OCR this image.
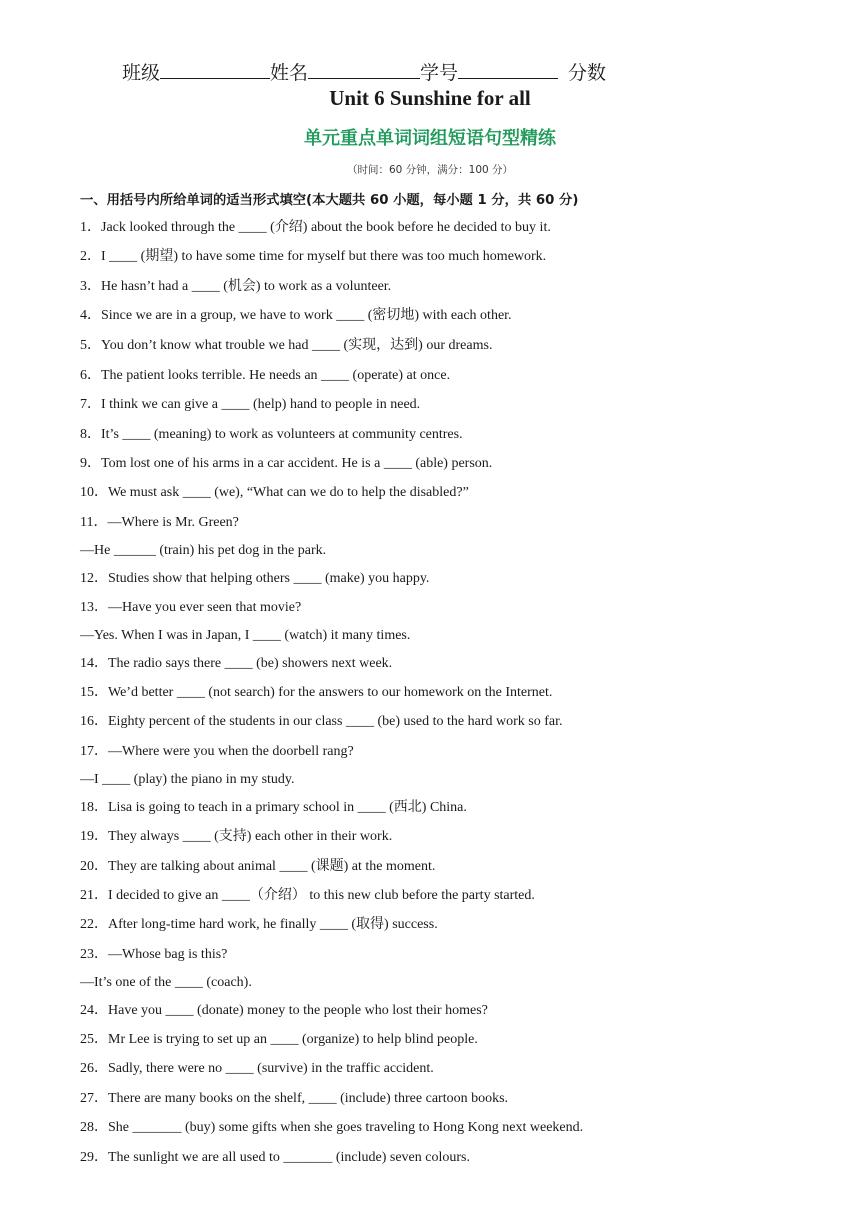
班级	姓名	学号	分数
Unit 6 Sunshine for all
单元重点单词词组短语句型精练
（时间：60 分钟，满分：100 分）
一、用括号内所给单词的适当形式填空(本大题共 60 小题，每小题 1 分，共 60 分)
1．Jack looked through the ____ (介绍) about the book before he decided to buy it.
2．I ____ (期望) to have some time for myself but there was too much homework.
3．He hasn’t had a ____ (机会) to work as a volunteer.
4．Since we are in a group, we have to work ____ (密切地) with each other.
5．You don’t know what trouble we had ____ (实现，达到) our dreams.
6．The patient looks terrible. He needs an ____ (operate) at once.
7．I think we can give a ____ (help) hand to people in need.
8．It’s ____ (meaning) to work as volunteers at community centres.
9．Tom lost one of his arms in a car accident. He is a ____ (able) person.
10．We must ask ____ (we), “What can we do to help the disabled?”
11．—Where is Mr. Green?
—He ______ (train) his pet dog in the park.
12．Studies show that helping others ____ (make) you happy.
13．—Have you ever seen that movie?
—Yes. When I was in Japan, I ____ (watch) it many times.
14．The radio says there ____ (be) showers next week.
15．We’d better ____ (not search) for the answers to our homework on the Internet.
16．Eighty percent of the students in our class ____ (be) used to the hard work so far.
17．—Where were you when the doorbell rang?
—I ____ (play) the piano in my study.
18．Lisa is going to teach in a primary school in ____ (西北) China.
19．They always ____ (支持) each other in their work.
20．They are talking about animal ____ (课题) at the moment.
21．I decided to give an ____（介绍） to this new club before the party started.
22．After long-time hard work, he finally ____ (取得) success.
23．—Whose bag is this?
—It’s one of the ____ (coach).
24．Have you ____ (donate) money to the people who lost their homes?
25．Mr Lee is trying to set up an ____ (organize) to help blind people.
26．Sadly, there were no ____ (survive) in the traffic accident.
27．There are many books on the shelf, ____ (include) three cartoon books.
28．She _______ (buy) some gifts when she goes traveling to Hong Kong next weekend.
29．The sunlight we are all used to _______ (include) seven colours.
